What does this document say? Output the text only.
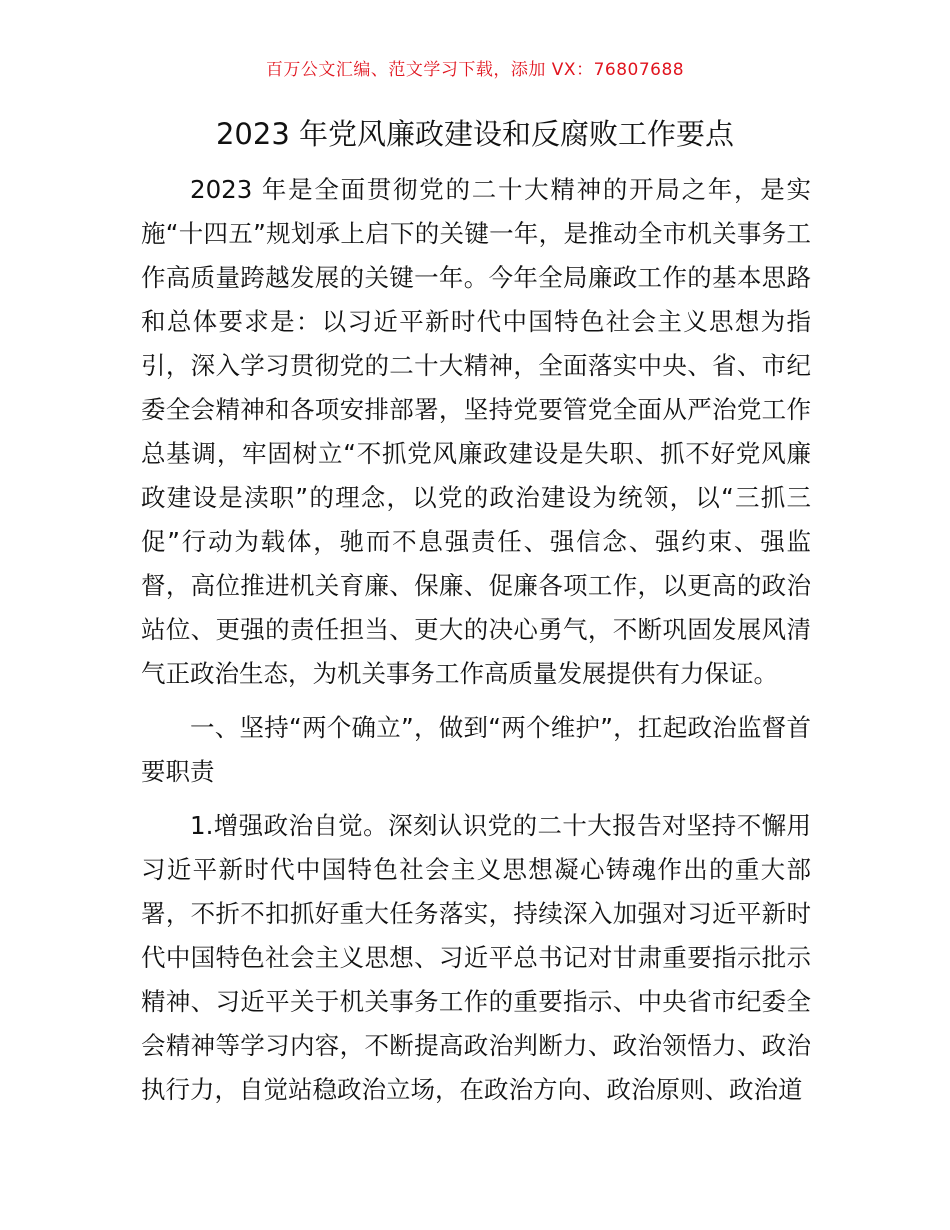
百万公文汇编、范文学习下载，添加 VX：76807688
2023 年党风廉政建设和反腐败工作要点

2023 年是全面贯彻党的二十大精神的开局之年，是实施“十四五”规划承上启下的关键一年，是推动全市机关事务工作高质量跨越发展的关键一年。今年全局廉政工作的基本思路和总体要求是：以习近平新时代中国特色社会主义思想为指引，深入学习贯彻党的二十大精神，全面落实中央、省、市纪委全会精神和各项安排部署，坚持党要管党全面从严治党工作总基调，牢固树立“不抓党风廉政建设是失职、抓不好党风廉政建设是渎职”的理念，以党的政治建设为统领，以“三抓三促”行动为载体，驰而不息强责任、强信念、强约束、强监督，高位推进机关育廉、保廉、促廉各项工作，以更高的政治站位、更强的责任担当、更大的决心勇气，不断巩固发展风清气正政治生态，为机关事务工作高质量发展提供有力保证。

一、坚持“两个确立”，做到“两个维护”，扛起政治监督首要职责

1.增强政治自觉。深刻认识党的二十大报告对坚持不懈用习近平新时代中国特色社会主义思想凝心铸魂作出的重大部署，不折不扣抓好重大任务落实，持续深入加强对习近平新时代中国特色社会主义思想、习近平总书记对甘肃重要指示批示精神、习近平关于机关事务工作的重要指示、中央省市纪委全会精神等学习内容，不断提高政治判断力、政治领悟力、政治执行力，自觉站稳政治立场，在政治方向、政治原则、政治道
